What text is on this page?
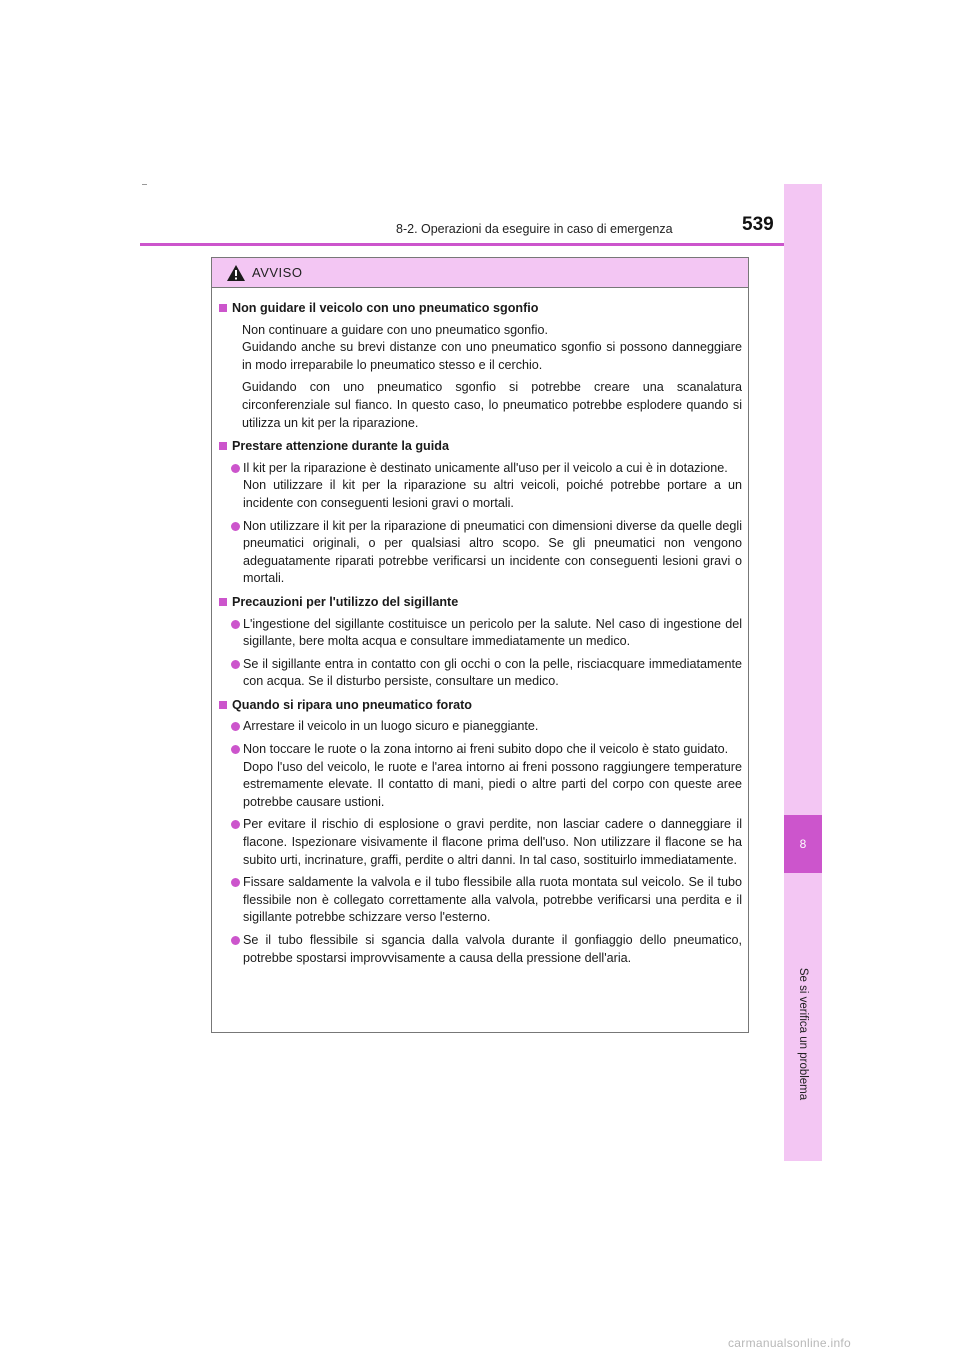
8-2. Operazioni da eseguire in caso di emergenza	539
8
Se si verifica un problema
AVVISO
Non guidare il veicolo con uno pneumatico sgonfio
Non continuare a guidare con uno pneumatico sgonfio.
Guidando anche su brevi distanze con uno pneumatico sgonfio si possono danneggiare in modo irreparabile lo pneumatico stesso e il cerchio.
Guidando con uno pneumatico sgonfio si potrebbe creare una scanalatura circonferenziale sul fianco. In questo caso, lo pneumatico potrebbe esplodere quando si utilizza un kit per la riparazione.
Prestare attenzione durante la guida
Il kit per la riparazione è destinato unicamente all'uso per il veicolo a cui è in dotazione.
Non utilizzare il kit per la riparazione su altri veicoli, poiché potrebbe portare a un incidente con conseguenti lesioni gravi o mortali.
Non utilizzare il kit per la riparazione di pneumatici con dimensioni diverse da quelle degli pneumatici originali, o per qualsiasi altro scopo. Se gli pneumatici non vengono adeguatamente riparati potrebbe verificarsi un incidente con conseguenti lesioni gravi o mortali.
Precauzioni per l'utilizzo del sigillante
L'ingestione del sigillante costituisce un pericolo per la salute. Nel caso di ingestione del sigillante, bere molta acqua e consultare immediatamente un medico.
Se il sigillante entra in contatto con gli occhi o con la pelle, risciacquare immediatamente con acqua. Se il disturbo persiste, consultare un medico.
Quando si ripara uno pneumatico forato
Arrestare il veicolo in un luogo sicuro e pianeggiante.
Non toccare le ruote o la zona intorno ai freni subito dopo che il veicolo è stato guidato.
Dopo l'uso del veicolo, le ruote e l'area intorno ai freni possono raggiungere temperature estremamente elevate. Il contatto di mani, piedi o altre parti del corpo con queste aree potrebbe causare ustioni.
Per evitare il rischio di esplosione o gravi perdite, non lasciar cadere o danneggiare il flacone. Ispezionare visivamente il flacone prima dell'uso. Non utilizzare il flacone se ha subito urti, incrinature, graffi, perdite o altri danni. In tal caso, sostituirlo immediatamente.
Fissare saldamente la valvola e il tubo flessibile alla ruota montata sul veicolo. Se il tubo flessibile non è collegato correttamente alla valvola, potrebbe verificarsi una perdita e il sigillante potrebbe schizzare verso l'esterno.
Se il tubo flessibile si sgancia dalla valvola durante il gonfiaggio dello pneumatico, potrebbe spostarsi improvvisamente a causa della pressione dell'aria.
carmanualsonline.info
